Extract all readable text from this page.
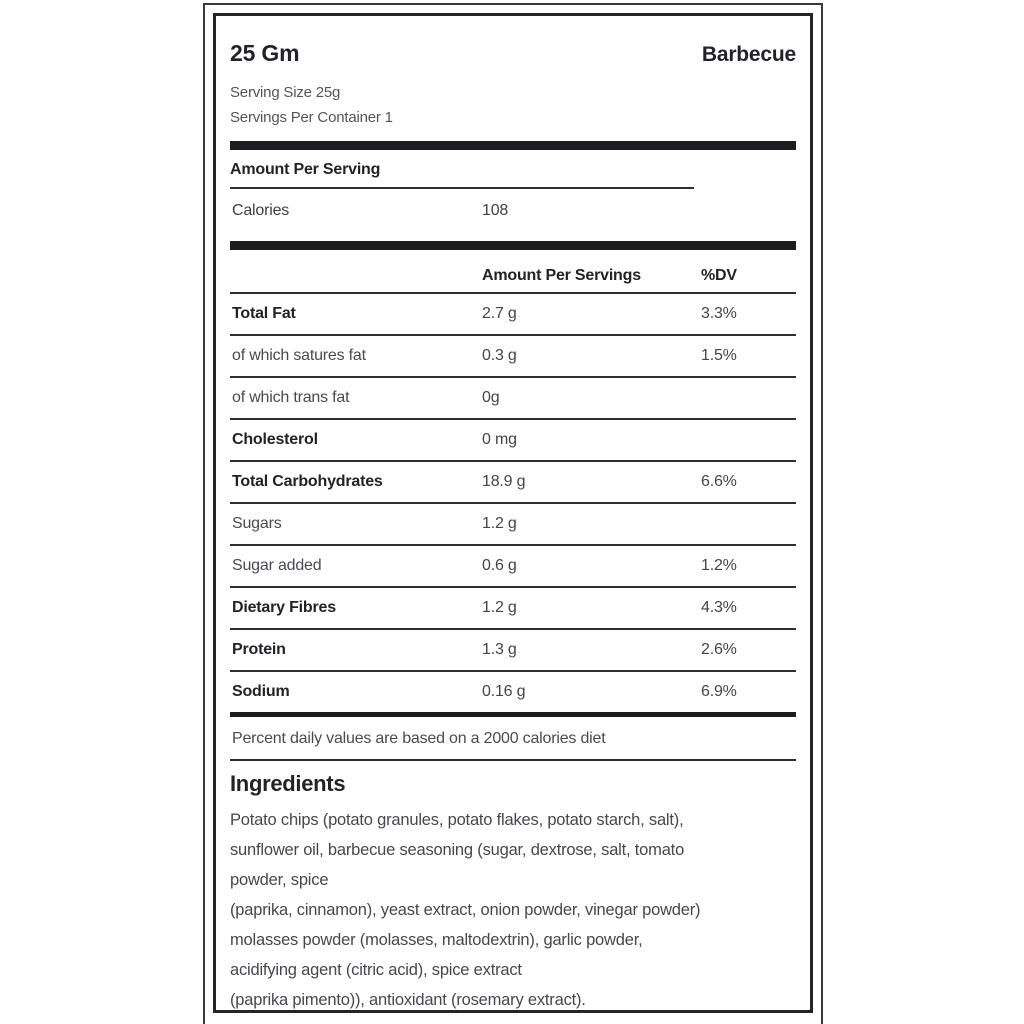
25 Gm	Barbecue
Serving Size 25g
Servings Per Container 1
Amount Per Serving
Calories	108
Amount Per Servings	%DV
Total Fat	2.7 g	3.3%
of which satures fat	0.3 g	1.5%
of which trans fat	0g
Cholesterol	0 mg
Total Carbohydrates	18.9 g	6.6%
Sugars	1.2 g
Sugar added	0.6 g	1.2%
Dietary Fibres	1.2 g	4.3%
Protein	1.3 g	2.6%
Sodium	0.16 g	6.9%
Percent daily values are based on a 2000 calories diet
Ingredients
Potato chips (potato granules, potato flakes, potato starch, salt),
sunflower oil, barbecue seasoning (sugar, dextrose, salt, tomato
powder, spice
(paprika, cinnamon), yeast extract, onion powder, vinegar powder)
molasses powder (molasses, maltodextrin), garlic powder,
acidifying agent (citric acid), spice extract
(paprika pimento)), antioxidant (rosemary extract).
